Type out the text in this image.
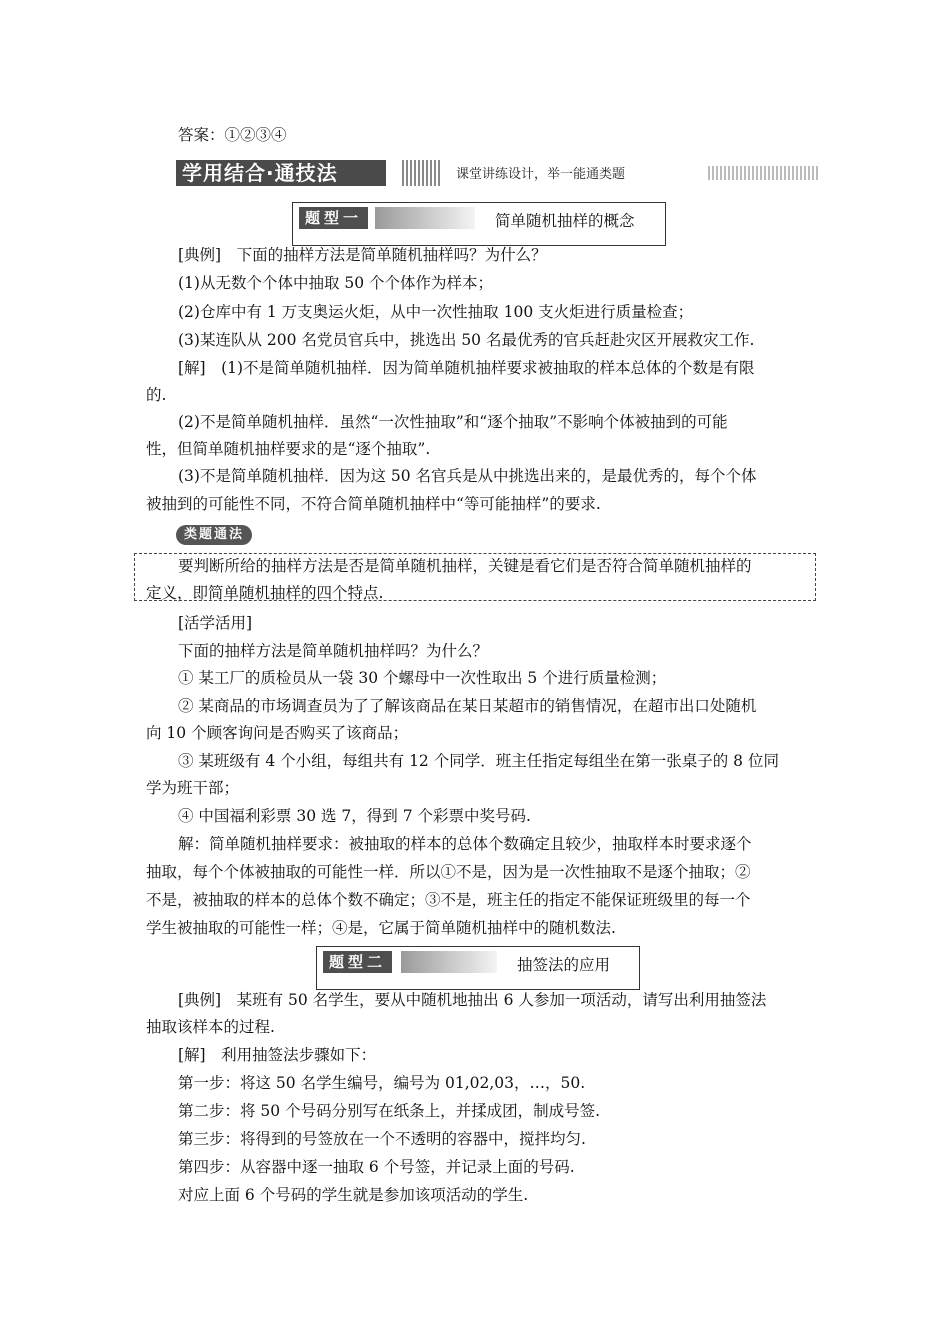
答案：①②③④
学用结合·通技法	课堂讲练设计，举一能通类题
题型一	简单随机抽样的概念
[典例]　下面的抽样方法是简单随机抽样吗？为什么？
(1)从无数个个体中抽取 50 个个体作为样本；
(2)仓库中有 1 万支奥运火炬，从中一次性抽取 100 支火炬进行质量检查；
(3)某连队从 200 名党员官兵中，挑选出 50 名最优秀的官兵赶赴灾区开展救灾工作.
[解]　(1)不是简单随机抽样．因为简单随机抽样要求被抽取的样本总体的个数是有限
的.
(2)不是简单随机抽样．虽然“一次性抽取”和“逐个抽取”不影响个体被抽到的可能
性，但简单随机抽样要求的是“逐个抽取”.
(3)不是简单随机抽样．因为这 50 名官兵是从中挑选出来的，是最优秀的，每个个体
被抽到的可能性不同，不符合简单随机抽样中“等可能抽样”的要求.
类题通法
要判断所给的抽样方法是否是简单随机抽样，关键是看它们是否符合简单随机抽样的
定义，即简单随机抽样的四个特点.
[活学活用]
下面的抽样方法是简单随机抽样吗？为什么？
① 某工厂的质检员从一袋 30 个螺母中一次性取出 5 个进行质量检测；
② 某商品的市场调查员为了了解该商品在某日某超市的销售情况，在超市出口处随机
向 10 个顾客询问是否购买了该商品；
③ 某班级有 4 个小组，每组共有 12 个同学．班主任指定每组坐在第一张桌子的 8 位同
学为班干部；
④ 中国福利彩票 30 选 7，得到 7 个彩票中奖号码.
解：简单随机抽样要求：被抽取的样本的总体个数确定且较少，抽取样本时要求逐个
抽取，每个个体被抽取的可能性一样．所以①不是，因为是一次性抽取不是逐个抽取；②
不是，被抽取的样本的总体个数不确定；③不是，班主任的指定不能保证班级里的每一个
学生被抽取的可能性一样；④是，它属于简单随机抽样中的随机数法.
题型二	抽签法的应用
[典例]　某班有 50 名学生，要从中随机地抽出 6 人参加一项活动，请写出利用抽签法
抽取该样本的过程.
[解]　利用抽签法步骤如下：
第一步：将这 50 名学生编号，编号为 01,02,03，…，50.
第二步：将 50 个号码分别写在纸条上，并揉成团，制成号签.
第三步：将得到的号签放在一个不透明的容器中，搅拌均匀.
第四步：从容器中逐一抽取 6 个号签，并记录上面的号码.
对应上面 6 个号码的学生就是参加该项活动的学生.
